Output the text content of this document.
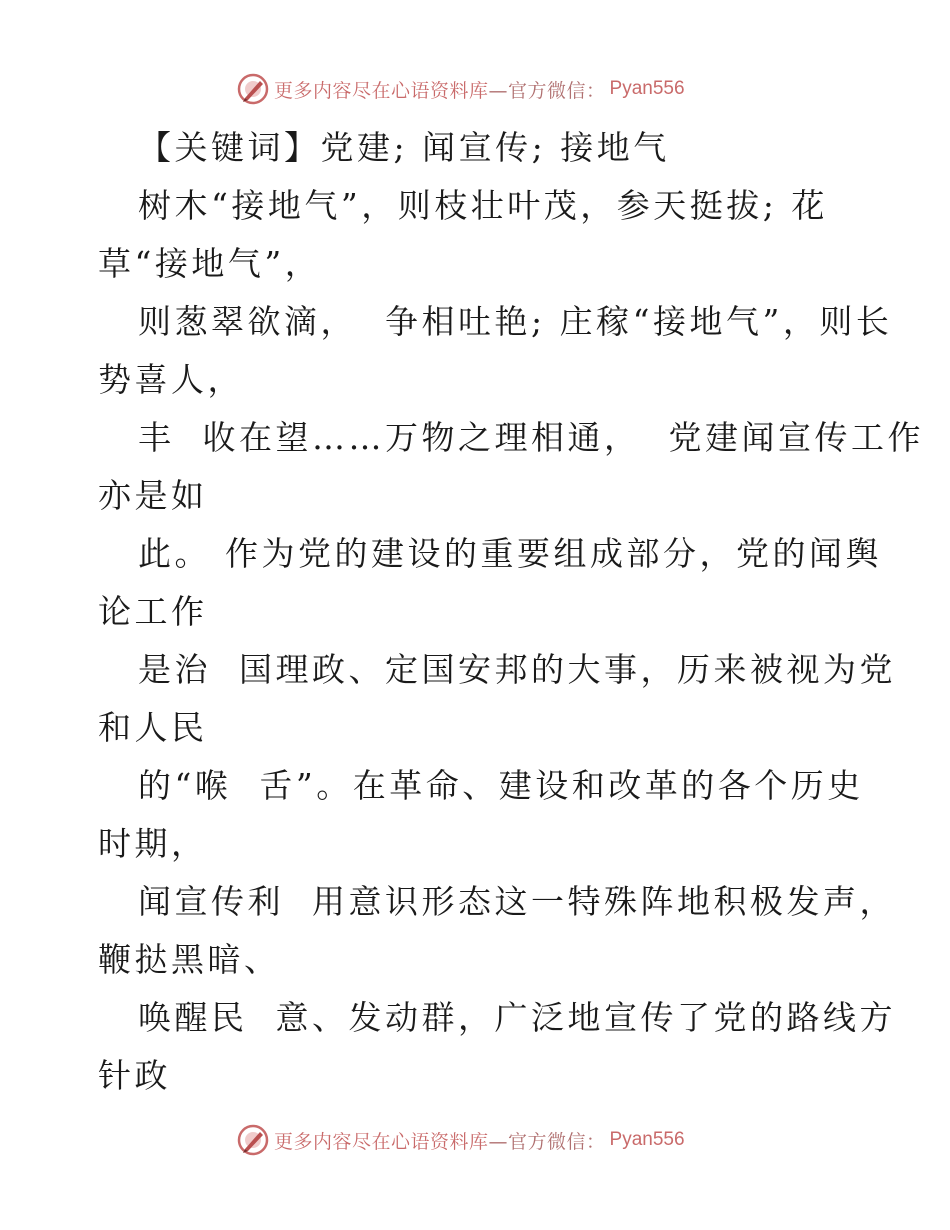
更多内容尽在心语资料库 —官方微信： Pyan556
【关键词】党建; 闻宣传; 接地气
树木“接地气”，则枝壮叶茂，参天挺拔; 花
草“接地气”，
则葱翠欲滴，  争相吐艳; 庄稼“接地气”，则长
势喜人，
丰  收在望……万物之理相通，  党建闻宣传工作
亦是如
此。 作为党的建设的重要组成部分，党的闻舆
论工作
是治  国理政、定国安邦的大事，历来被视为党
和人民
的“喉  舌”。在革命、建设和改革的各个历史
时期，
闻宣传利  用意识形态这一特殊阵地积极发声，
鞭挞黑暗、
唤醒民  意、发动群，广泛地宣传了党的路线方
针政
更多内容尽在心语资料库 —官方微信： Pyan556
